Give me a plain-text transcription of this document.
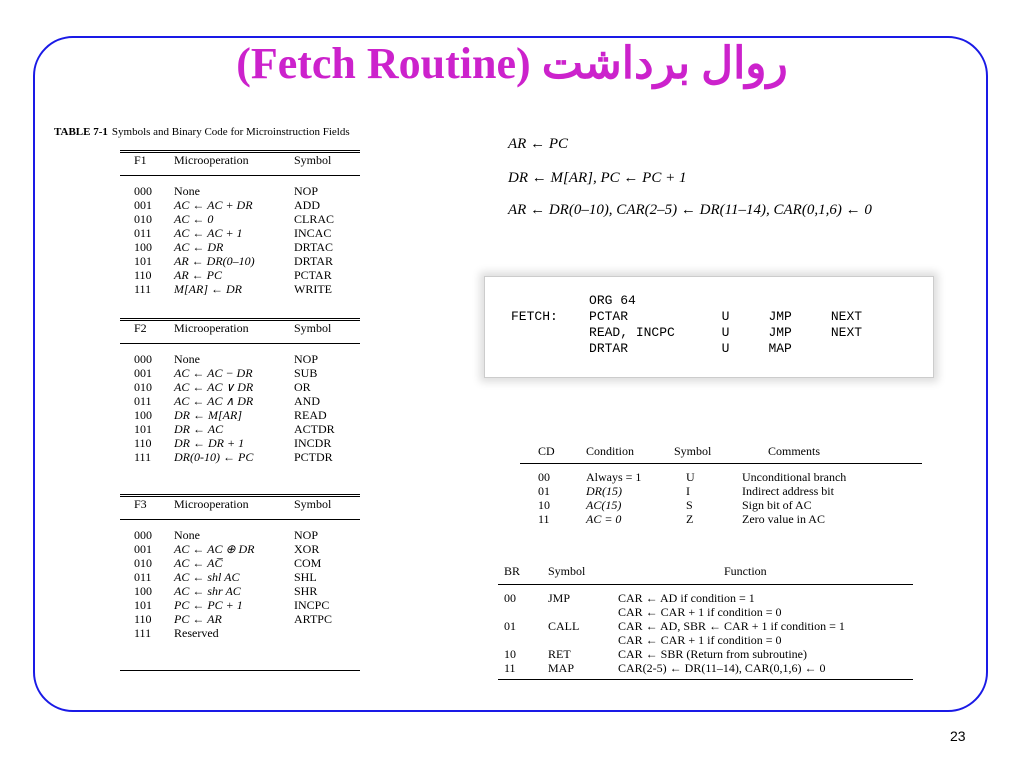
(Fetch Routine) روال برداشت
TABLE 7-1 Symbols and Binary Code for Microinstruction Fields
F1	Microoperation	Symbol
000	None	NOP
001	AC ← AC + DR	ADD
010	AC ← 0	CLRAC
011	AC ← AC + 1	INCAC
100	AC ← DR	DRTAC
101	AR ← DR(0–10)	DRTAR
110	AR ← PC	PCTAR
111	M[AR] ← DR	WRITE
F2	Microoperation	Symbol
000	None	NOP
001	AC ← AC − DR	SUB
010	AC ← AC ∨ DR	OR
011	AC ← AC ∧ DR	AND
100	DR ← M[AR]	READ
101	DR ← AC	ACTDR
110	DR ← DR + 1	INCDR
111	DR(0-10) ← PC	PCTDR
F3	Microoperation	Symbol
000	None	NOP
001	AC ← AC ⊕ DR	XOR
010	AC ← AC̅	COM
011	AC ← shl AC	SHL
100	AC ← shr AC	SHR
101	PC ← PC + 1	INCPC
110	PC ← AR	ARTPC
111	Reserved	
AR ← PC
DR ← M[AR], PC ← PC + 1
AR ← DR(0–10), CAR(2–5) ← DR(11–14), CAR(0,1,6) ← 0
ORG 64
FETCH:    PCTAR            U     JMP     NEXT
READ, INCPC      U     JMP     NEXT
DRTAR            U     MAP
CD	Condition	Symbol	Comments
00	Always = 1	U	Unconditional branch
01	DR(15)	I	Indirect address bit
10	AC(15)	S	Sign bit of AC
11	AC = 0	Z	Zero value in AC
BR	Symbol	Function
00	JMP	CAR ← AD if condition = 1
		CAR ← CAR + 1 if condition = 0
01	CALL	CAR ← AD, SBR ← CAR + 1 if condition = 1
		CAR ← CAR + 1 if condition = 0
10	RET	CAR ← SBR (Return from subroutine)
11	MAP	CAR(2-5) ← DR(11–14), CAR(0,1,6) ← 0
23
